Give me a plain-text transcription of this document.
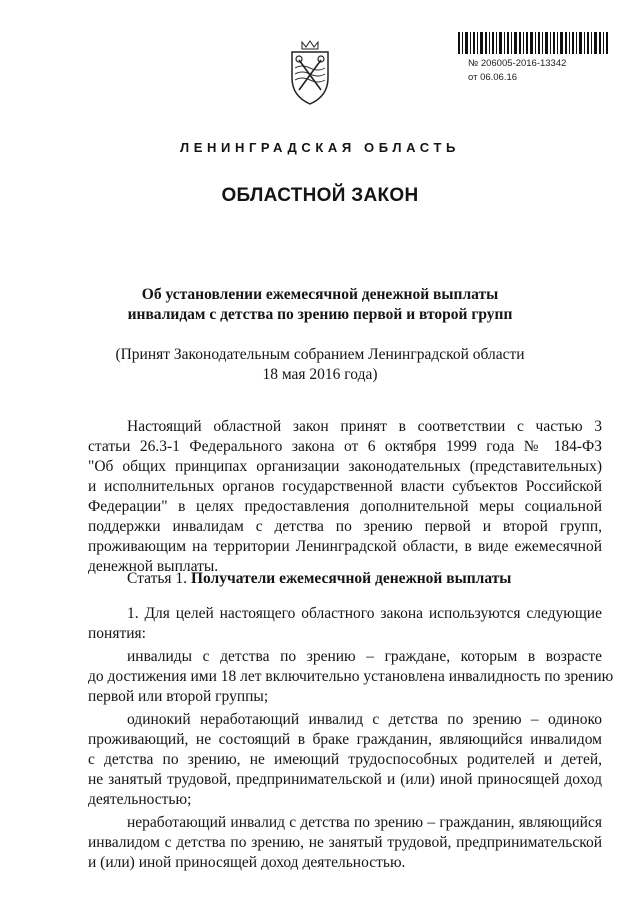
№ 206005-2016-13342
от 06.06.16
ЛЕНИНГРАДСКАЯ ОБЛАСТЬ
ОБЛАСТНОЙ ЗАКОН
Об установлении ежемесячной денежной выплаты
инвалидам с детства по зрению первой и второй групп
(Принят Законодательным собранием Ленинградской области
18 мая 2016 года)
Настоящий областной закон принят в соответствии с частью 3
статьи 26.3-1 Федерального закона от 6 октября 1999 года № 184-ФЗ
"Об общих принципах организации законодательных (представительных)
и исполнительных органов государственной власти субъектов Российской
Федерации" в целях предоставления дополнительной меры социальной
поддержки инвалидам с детства по зрению первой и второй групп,
проживающим на территории Ленинградской области, в виде ежемесячной
денежной выплаты.
Статья 1. Получатели ежемесячной денежной выплаты
1. Для целей настоящего областного закона используются следующие
понятия:
инвалиды с детства по зрению – граждане, которым в возрасте
до достижения ими 18 лет включительно установлена инвалидность по зрению
первой или второй группы;
одинокий неработающий инвалид с детства по зрению – одиноко
проживающий, не состоящий в браке гражданин, являющийся инвалидом
с детства по зрению, не имеющий трудоспособных родителей и детей,
не занятый трудовой, предпринимательской и (или) иной приносящей доход
деятельностью;
неработающий инвалид с детства по зрению – гражданин, являющийся
инвалидом с детства по зрению, не занятый трудовой, предпринимательской
и (или) иной приносящей доход деятельностью.
